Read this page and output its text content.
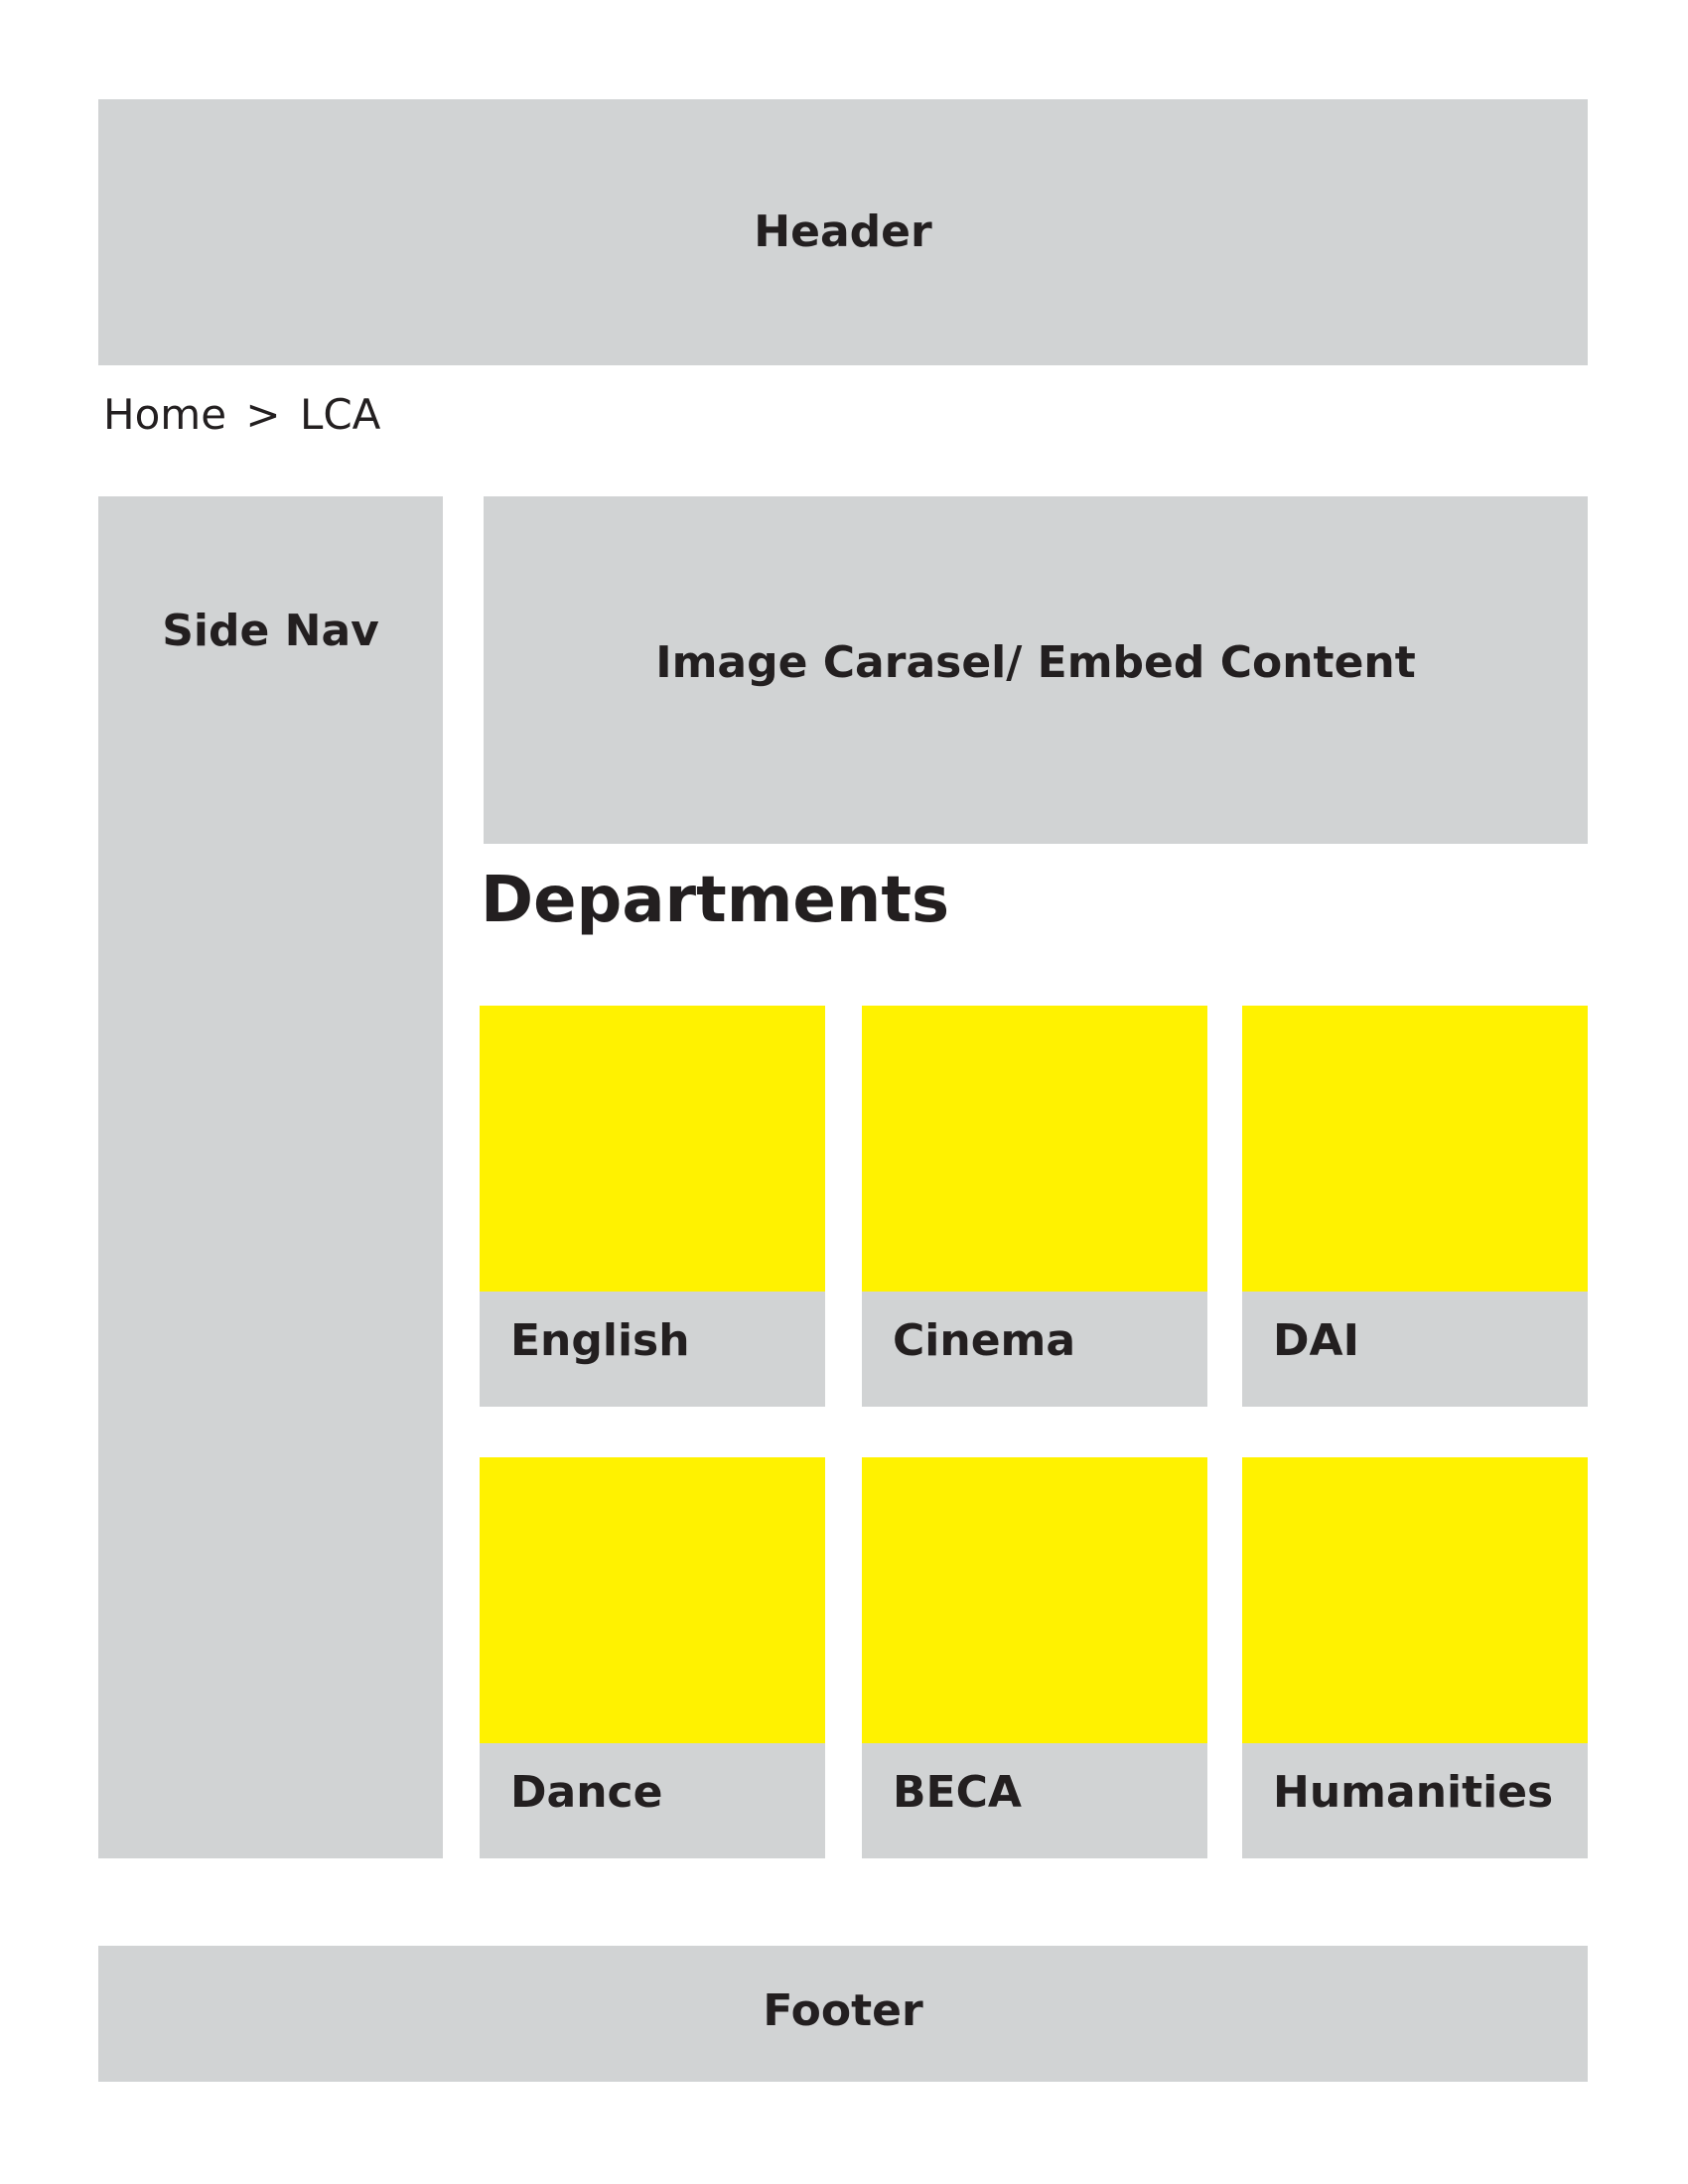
Header
Home > LCA
Side Nav
Image Carasel/ Embed Content
Departments
English	Cinema	DAI
Dance	BECA	Humanities
Footer
